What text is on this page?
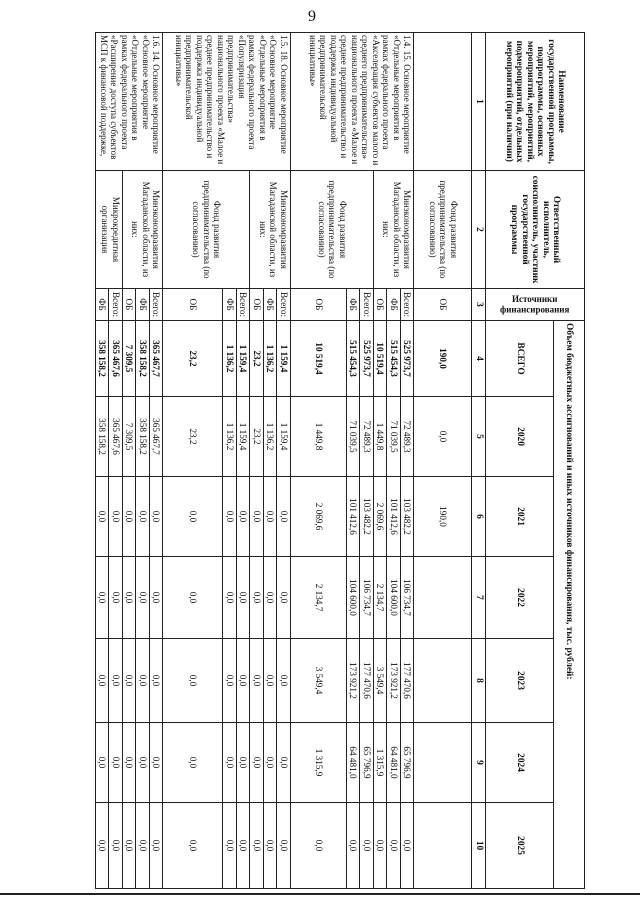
9
Наименование государственной программы, подпрограммы, основных мероприятий, мероприятий, подмероприятий, отдельных мероприятий (при наличии)	Ответственный исполнитель, соисполнитель, участник государственной программы	Источники финансирования	Объем бюджетных ассигнований и иных источников финансирования, тыс. рублей:						
			ВСЕГО	2020	2021	2022	2023	2024	2025
1	2	3	4	5	6	7	8	9	10
	Фонд развития предпринимательства (по согласованию)	ОБ	190,0	0,0	190,0				
1.4. 15. Основное мероприятие «Отдельные мероприятия в рамках федерального проекта «Акселерация субъектов малого и среднего предпринимательства» национального проекта «Малое и среднее предпринимательство и поддержка индивидуальной предпринимательской инициативы»	Минэкономразвития Магаданской области, из них:	Всего:	525 973,7	72 489,3	103 482,2	106 734,7	177 470,6	65 796,9	0,0
		ФБ	515 454,3	71 039,5	101 412,6	104 600,0	173 921,2	64 481,0	0,0
		ОБ	10 519,4	1 449,8	2 069,6	2 134,7	3 549,4	1 315,9	0,0
	Фонд развития предпринимательства (по согласованию)	Всего:	525 973,7	72 489,3	103 482,2	106 734,7	177 470,6	65 796,9	0,0
		ФБ	515 454,3	71 039,5	101 412,6	104 600,0	173 921,2	64 481,0	0,0
		ОБ	10 519,4	1 449,8	2 069,6	2 134,7	3 549,4	1 315,9	0,0
1.5. 18. Основное мероприятие «Основное мероприятие «Отдельные мероприятия в рамках федерального проекта «Популяризация предпринимательства» национального проекта «Малое и среднее предпринимательство и поддержка индивидуальной предпринимательской инициативы»	Минэкономразвития Магаданской области, из них:	Всего:	1 159,4	1 159,4	0,0	0,0	0,0	0,0	0,0
		ФБ	1 136,2	1 136,2	0,0	0,0	0,0	0,0	0,0
		ОБ	23,2	23,2	0,0	0,0	0,0	0,0	0,0
	Фонд развития предпринимательства (по согласованию)	Всего:	1 159,4	1 159,4	0,0	0,0	0,0	0,0	0,0
		ФБ	1 136,2	1 136,2	0,0	0,0	0,0	0,0	0,0
		ОБ	23,2	23,2	0,0	0,0	0,0	0,0	0,0
1.6. 14. Основное мероприятие «Основное мероприятие «Отдельные мероприятия в рамках федерального проекта «Расширение доступа субъектов МСП к финансовой поддержке,	Минэкономразвития Магаданской области, из них:	Всего:	365 467,7	365 467,7	0,0	0,0	0,0	0,0	0,0
		ФБ	358 158,2	358 158,2	0,0	0,0	0,0	0,0	0,0
		ОБ	7 309,5	7 309,5	0,0	0,0	0,0	0,0	0,0
	Микрокредитная организация	Всего:	365 467,6	365 467,6	0,0	0,0	0,0	0,0	0,0
		ФБ	358 158,2	358 158,2	0,0	0,0	0,0	0,0	0,0
